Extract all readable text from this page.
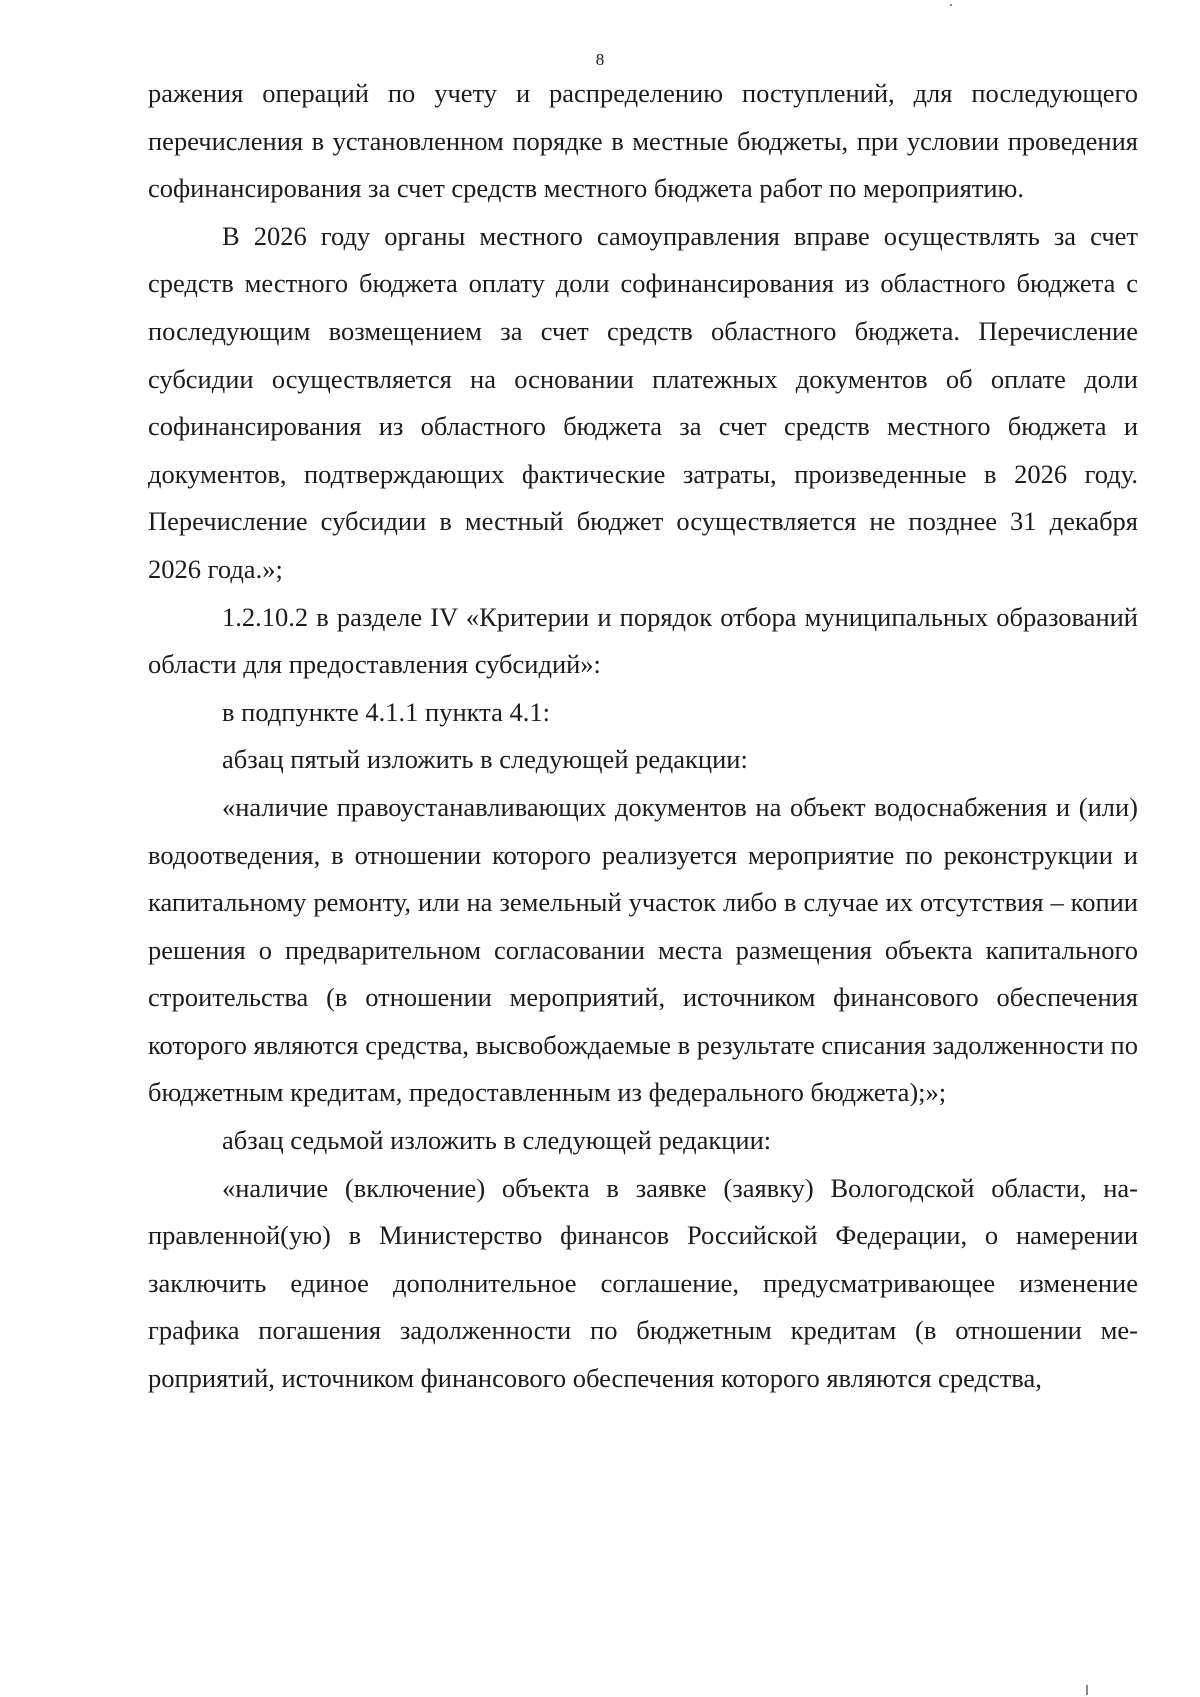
8

ражения операций по учету и распределению поступлений, для последующего перечисления в установленном порядке в местные бюджеты, при условии проведения софинансирования за счет средств местного бюджета работ по мероприятию.

В 2026 году органы местного самоуправления вправе осуществлять за счет средств местного бюджета оплату доли софинансирования из областного бюджета с последующим возмещением за счет средств областного бюджета. Перечисление субсидии осуществляется на основании платежных документов об оплате доли софинансирования из областного бюджета за счет средств местного бюджета и документов, подтверждающих фактические затраты, произведенные в 2026 году. Перечисление субсидии в местный бюджет осуществляется не позднее 31 декабря 2026 года.»;

1.2.10.2 в разделе IV «Критерии и порядок отбора муниципальных образований области для предоставления субсидий»:

в подпункте 4.1.1 пункта 4.1:

абзац пятый изложить в следующей редакции:

«наличие правоустанавливающих документов на объект водоснабжения и (или) водоотведения, в отношении которого реализуется мероприятие по реконструкции и капитальному ремонту, или на земельный участок либо в случае их отсутствия – копии решения о предварительном согласовании места размещения объекта капитального строительства (в отношении мероприятий, источником финансового обеспечения которого являются средства, высвобождаемые в результате списания задолженности по бюджетным кредитам, предоставленным из федерального бюджета);»;

абзац седьмой изложить в следующей редакции:

«наличие (включение) объекта в заявке (заявку) Вологодской области, направленной(ую) в Министерство финансов Российской Федерации, о намерении заключить единое дополнительное соглашение, предусматривающее изменение графика погашения задолженности по бюджетным кредитам (в отношении мероприятий, источником финансового обеспечения которого являются средства,
